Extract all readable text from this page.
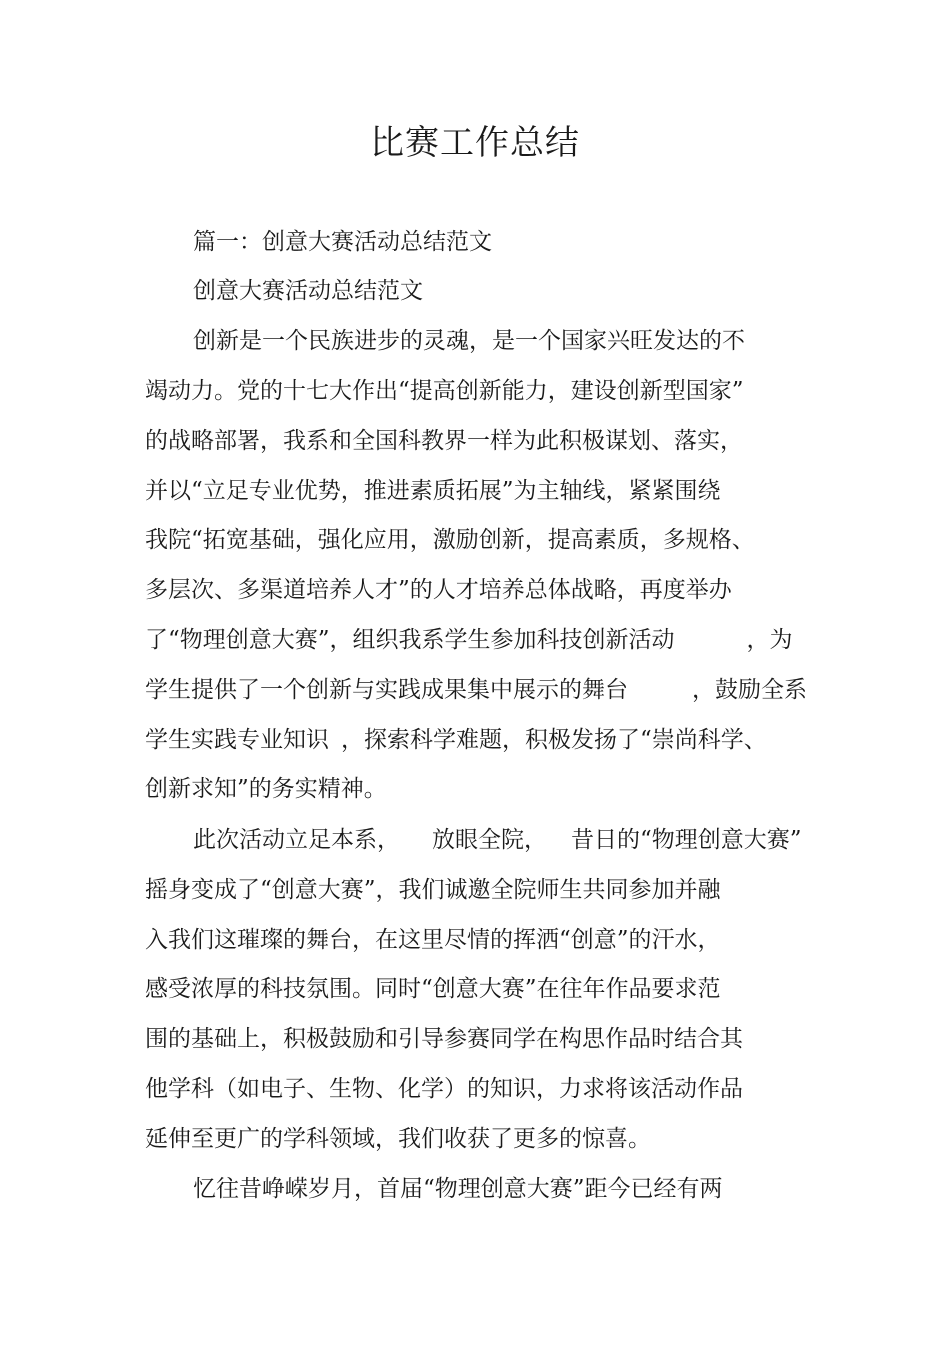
比赛工作总结
篇一：创意大赛活动总结范文
创意大赛活动总结范文
创新是一个民族进步的灵魂，是一个国家兴旺发达的不
竭动力。党的十七大作出“提高创新能力，建设创新型国家”
的战略部署，我系和全国科教界一样为此积极谋划、落实，
并以“立足专业优势，推进素质拓展”为主轴线，紧紧围绕
我院“拓宽基础，强化应用，激励创新，提高素质，多规格、
多层次、多渠道培养人才”的人才培养总体战略，再度举办
了“物理创意大赛”，组织我系学生参加科技创新活动	，为
学生提供了一个创新与实践成果集中展示的舞台	，鼓励全系
学生实践专业知识 ，探索科学难题，积极发扬了“崇尚科学、
创新求知”的务实精神。
此次活动立足本系， 放眼全院， 昔日的“物理创意大赛”
摇身变成了“创意大赛”，我们诚邀全院师生共同参加并融
入我们这璀璨的舞台，在这里尽情的挥洒“创意”的汗水，
感受浓厚的科技氛围。同时“创意大赛”在往年作品要求范
围的基础上，积极鼓励和引导参赛同学在构思作品时结合其
他学科（如电子、生物、化学）的知识，力求将该活动作品
延伸至更广的学科领域，我们收获了更多的惊喜。
忆往昔峥嵘岁月，首届“物理创意大赛”距今已经有两
